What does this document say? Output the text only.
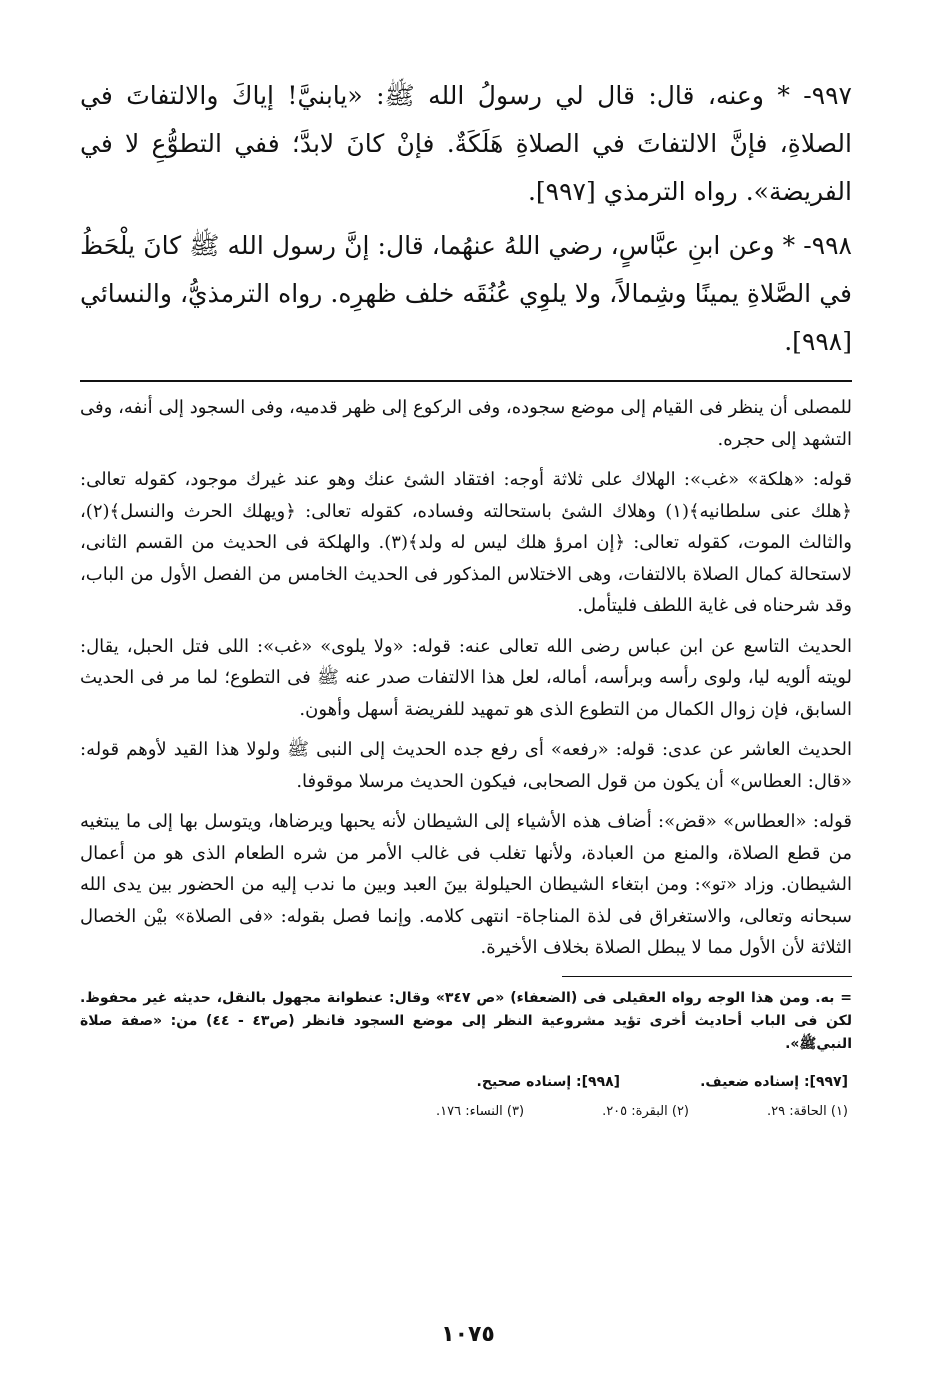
٩٩٧- * وعنه، قال: قال لي رسولُ الله ﷺ: «يابنيَّ! إياكَ والالتفاتَ في الصلاةِ، فإنَّ الالتفاتَ في الصلاةِ هَلَكَةٌ. فإنْ كانَ لابدَّ؛ ففي التطوُّعِ لا في الفريضة». رواه الترمذي [٩٩٧].

٩٩٨- * وعن ابنِ عبَّاسٍ، رضي اللهُ عنهُما، قال: إنَّ رسول الله ﷺ كانَ يلْحَظُ في الصَّلاةِ يمينًا وشِمالاً، ولا يلوِي عُنُقَه خلف ظهرِه. رواه الترمذيُّ، والنسائي [٩٩٨].

للمصلى أن ينظر فى القيام إلى موضع سجوده، وفى الركوع إلى ظهر قدميه، وفى السجود إلى أنفه، وفى التشهد إلى حجره.

قوله: «هلكة» «غب»: الهلاك على ثلاثة أوجه: افتقاد الشئ عنك وهو عند غيرك موجود، كقوله تعالى: ﴿هلك عنى سلطانيه﴾(١) وهلاك الشئ باستحالته وفساده، كقوله تعالى: ﴿ويهلك الحرث والنسل﴾(٢)، والثالث الموت، كقوله تعالى: ﴿إن امرؤ هلك ليس له ولد﴾(٣). والهلكة فى الحديث من القسم الثانى، لاستحالة كمال الصلاة بالالتفات، وهى الاختلاس المذكور فى الحديث الخامس من الفصل الأول من الباب، وقد شرحناه فى غاية اللطف فليتأمل.

الحديث التاسع عن ابن عباس رضى الله تعالى عنه: قوله: «ولا يلوى» «غب»: اللى فتل الحبل، يقال: لويته ألويه ليا، ولوى رأسه وبرأسه، أماله، لعل هذا الالتفات صدر عنه ﷺ فى التطوع؛ لما مر فى الحديث السابق، فإن زوال الكمال من التطوع الذى هو تمهيد للفريضة أسهل وأهون.

الحديث العاشر عن عدى: قوله: «رفعه» أى رفع جده الحديث إلى النبى ﷺ ولولا هذا القيد لأوهم قوله: «قال: العطاس» أن يكون من قول الصحابى، فيكون الحديث مرسلا موقوفا.

قوله: «العطاس» «قض»: أضاف هذه الأشياء إلى الشيطان لأنه يحبها ويرضاها، ويتوسل بها إلى ما يبتغيه من قطع الصلاة، والمنع من العبادة، ولأنها تغلب فى غالب الأمر من شره الطعام الذى هو من أعمال الشيطان. وزاد «تو»: ومن ابتغاء الشيطان الحيلولة بينَ العبد وبين ما ندب إليه من الحضور بين يدى الله سبحانه وتعالى، والاستغراق فى لذة المناجاة- انتهى كلامه. وإنما فصل بقوله: «فى الصلاة» بيْن الخصال الثلاثة لأن الأول مما لا يبطل الصلاة بخلاف الأخيرة.

= به. ومن هذا الوجه رواه العقيلى فى (الضعفاء) «ص ٣٤٧» وقال: عنطوانة مجهول بالنقل، حديثه غير محفوظ. لكن فى الباب أحاديث أخرى تؤيد مشروعية النظر إلى موضع السجود فانظر (ص٤٣ - ٤٤) من: «صفة صلاة النبيﷺ».

[٩٩٧]: إسناده ضعيف.
[٩٩٨]: إسناده صحيح.
(١) الحاقة: ٢٩.
(٢) البقرة: ٢٠٥.
(٣) النساء: ١٧٦.
١٠٧٥
